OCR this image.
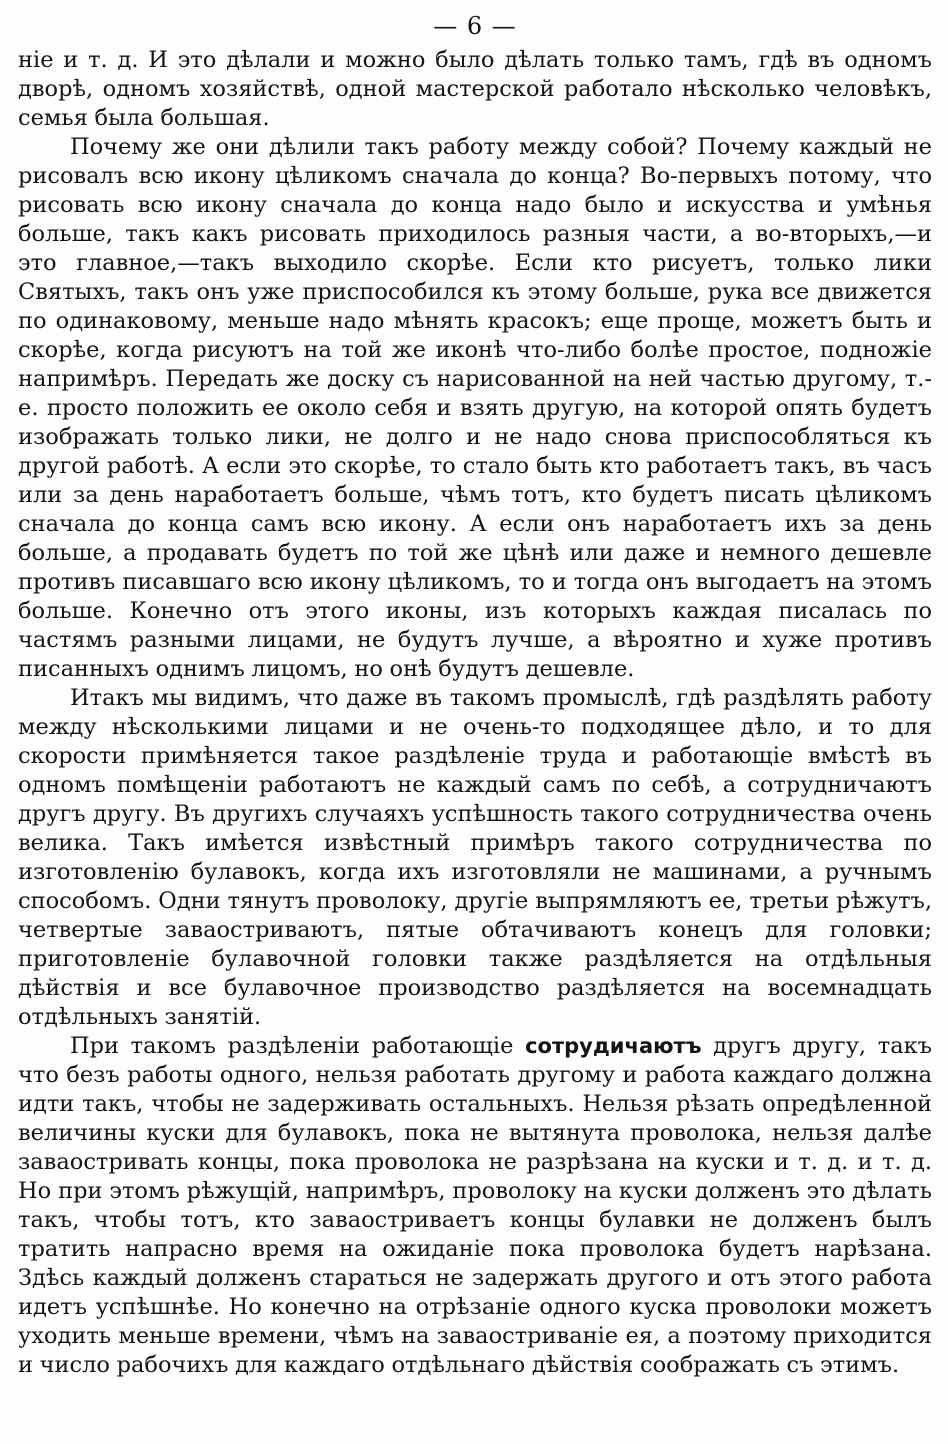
— 6 —

ніе и т. д. И это дѣлали и можно было дѣлать только тамъ, гдѣ въ одномъ дворѣ, одномъ хозяйствѣ, одной мастерской работало нѣсколько человѣкъ, семья была большая.

Почему же они дѣлили такъ работу между собой? Почему каждый не рисовалъ всю икону цѣликомъ сначала до конца? Во-первыхъ потому, что рисовать всю икону сначала до конца надо было и искусства и умѣнья больше, такъ какъ рисовать приходилось разныя части, а во-вторыхъ,—и это главное,—такъ выходило скорѣе. Если кто рисуетъ, только лики Святыхъ, такъ онъ уже приспособился къ этому больше, рука все движется по одинаковому, меньше надо мѣнять красокъ; еще проще, можетъ быть и скорѣе, когда рисуютъ на той же иконѣ что-либо болѣе простое, подножіе напримѣръ. Передать же доску съ нарисованной на ней частью другому, т.-е. просто положить ее около себя и взять другую, на которой опять будетъ изображать только лики, не долго и не надо снова приспособляться къ другой работѣ. А если это скорѣе, то стало быть кто работаетъ такъ, въ часъ или за день наработаетъ больше, чѣмъ тотъ, кто будетъ писать цѣликомъ сначала до конца самъ всю икону. А если онъ наработаетъ ихъ за день больше, а продавать будетъ по той же цѣнѣ или даже и немного дешевле противъ писавшаго всю икону цѣликомъ, то и тогда онъ выгодаетъ на этомъ больше. Конечно отъ этого иконы, изъ которыхъ каждая писалась по частямъ разными лицами, не будутъ лучше, а вѣроятно и хуже противъ писанныхъ однимъ лицомъ, но онѣ будутъ дешевле.

Итакъ мы видимъ, что даже въ такомъ промыслѣ, гдѣ раздѣлять работу между нѣсколькими лицами и не очень-то подходящее дѣло, и то для скорости примѣняется такое раздѣленіе труда и работающіе вмѣстѣ въ одномъ помѣщеніи работаютъ не каждый самъ по себѣ, а сотрудничаютъ другъ другу. Въ другихъ случаяхъ успѣшность такого сотрудничества очень велика. Такъ имѣется извѣстный примѣръ такого сотрудничества по изготовленію булавокъ, когда ихъ изготовляли не машинами, а ручнымъ способомъ. Одни тянутъ проволоку, другіе выпрямляютъ ее, третьи рѣжутъ, четвертые заваостриваютъ, пятые обтачиваютъ конецъ для головки; приготовленіе булавочной головки также раздѣляется на отдѣльныя дѣйствія и все булавочное производство раздѣляется на восемнадцать отдѣльныхъ занятій.

При такомъ раздѣленіи работающіе сотрудичаютъ другъ другу, такъ что безъ работы одного, нельзя работать другому и работа каждаго должна идти такъ, чтобы не задерживать остальныхъ. Нельзя рѣзать опредѣленной величины куски для булавокъ, пока не вытянута проволока, нельзя далѣе заваостривать концы, пока проволока не разрѣзана на куски и т. д. и т. д. Но при этомъ рѣжущій, напримѣръ, проволоку на куски долженъ это дѣлать такъ, чтобы тотъ, кто заваостриваетъ концы булавки не долженъ былъ тратить напрасно время на ожиданіе пока проволока будетъ нарѣзана. Здѣсь каждый долженъ стараться не задержать другого и отъ этого работа идетъ успѣшнѣе. Но конечно на отрѣзаніе одного куска проволоки можетъ уходить меньше времени, чѣмъ на заваостриваніе ея, а поэтому приходится и число рабочихъ для каждаго отдѣльнаго дѣйствія соображать съ этимъ.
